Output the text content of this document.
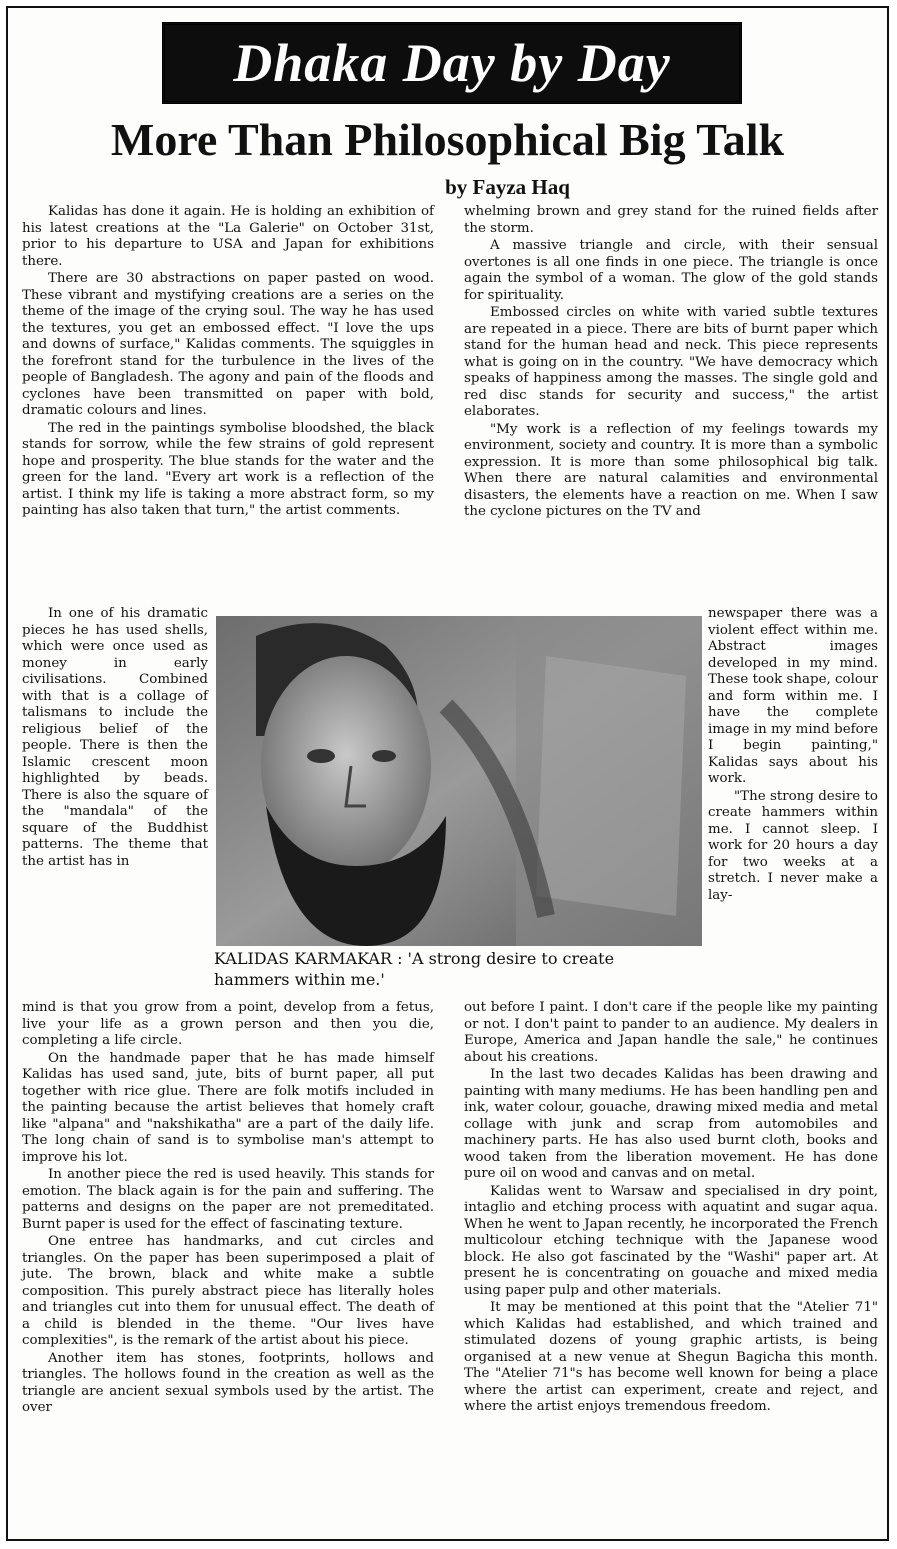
Dhaka Day by Day
More Than Philosophical Big Talk
by Fayza Haq

Kalidas has done it again. He is holding an exhibition of his latest creations at the "La Galerie" on October 31st, prior to his departure to USA and Japan for exhibitions there.

There are 30 abstractions on paper pasted on wood. These vibrant and mystifying creations are a series on the theme of the image of the crying soul. The way he has used the textures, you get an embossed effect. "I love the ups and downs of surface," Kalidas comments. The squiggles in the forefront stand for the turbulence in the lives of the people of Bangladesh. The agony and pain of the floods and cyclones have been transmitted on paper with bold, dramatic colours and lines.

The red in the paintings symbolise bloodshed, the black stands for sorrow, while the few strains of gold represent hope and prosperity. The blue stands for the water and the green for the land. "Every art work is a reflection of the artist. I think my life is taking a more abstract form, so my painting has also taken that turn," the artist comments.

In one of his dramatic pieces he has used shells, which were once used as money in early civilisations. Combined with that is a collage of talismans to include the religious belief of the people. There is then the Islamic crescent moon highlighted by beads. There is also the square of the "mandala" of the square of the Buddhist patterns. The theme that the artist has in

KALIDAS KARMAKAR : 'A strong desire to create hammers within me.'

mind is that you grow from a point, develop from a fetus, live your life as a grown person and then you die, completing a life circle.

On the handmade paper that he has made himself Kalidas has used sand, jute, bits of burnt paper, all put together with rice glue. There are folk motifs included in the painting because the artist believes that homely craft like "alpana" and "nakshikatha" are a part of the daily life. The long chain of sand is to symbolise man's attempt to improve his lot.

In another piece the red is used heavily. This stands for emotion. The black again is for the pain and suffering. The patterns and designs on the paper are not premeditated. Burnt paper is used for the effect of fascinating texture.

One entree has handmarks, and cut circles and triangles. On the paper has been superimposed a plait of jute. The brown, black and white make a subtle composition. This purely abstract piece has literally holes and triangles cut into them for unusual effect. The death of a child is blended in the theme. "Our lives have complexities", is the remark of the artist about his piece.

Another item has stones, footprints, hollows and triangles. The hollows found in the creation as well as the triangle are ancient sexual symbols used by the artist. The over

whelming brown and grey stand for the ruined fields after the storm.

A massive triangle and circle, with their sensual overtones is all one finds in one piece. The triangle is once again the symbol of a woman. The glow of the gold stands for spirituality.

Embossed circles on white with varied subtle textures are repeated in a piece. There are bits of burnt paper which stand for the human head and neck. This piece represents what is going on in the country. "We have democracy which speaks of happiness among the masses. The single gold and red disc stands for security and success," the artist elaborates.

"My work is a reflection of my feelings towards my environment, society and country. It is more than a symbolic expression. It is more than some philosophical big talk. When there are natural calamities and environmental disasters, the elements have a reaction on me. When I saw the cyclone pictures on the TV and

newspaper there was a violent effect within me. Abstract images developed in my mind. These took shape, colour and form within me. I have the complete image in my mind before I begin painting," Kalidas says about his work.

"The strong desire to create hammers within me. I cannot sleep. I work for 20 hours a day for two weeks at a stretch. I never make a lay-

out before I paint. I don't care if the people like my painting or not. I don't paint to pander to an audience. My dealers in Europe, America and Japan handle the sale," he continues about his creations.

In the last two decades Kalidas has been drawing and painting with many mediums. He has been handling pen and ink, water colour, gouache, drawing mixed media and metal collage with junk and scrap from automobiles and machinery parts. He has also used burnt cloth, books and wood taken from the liberation movement. He has done pure oil on wood and canvas and on metal.

Kalidas went to Warsaw and specialised in dry point, intaglio and etching process with aquatint and sugar aqua. When he went to Japan recently, he incorporated the French multicolour etching technique with the Japanese wood block. He also got fascinated by the "Washi" paper art. At present he is concentrating on gouache and mixed media using paper pulp and other materials.

It may be mentioned at this point that the "Atelier 71" which Kalidas had established, and which trained and stimulated dozens of young graphic artists, is being organised at a new venue at Shegun Bagicha this month. The "Atelier 71"s has become well known for being a place where the artist can experiment, create and reject, and where the artist enjoys tremendous freedom.
